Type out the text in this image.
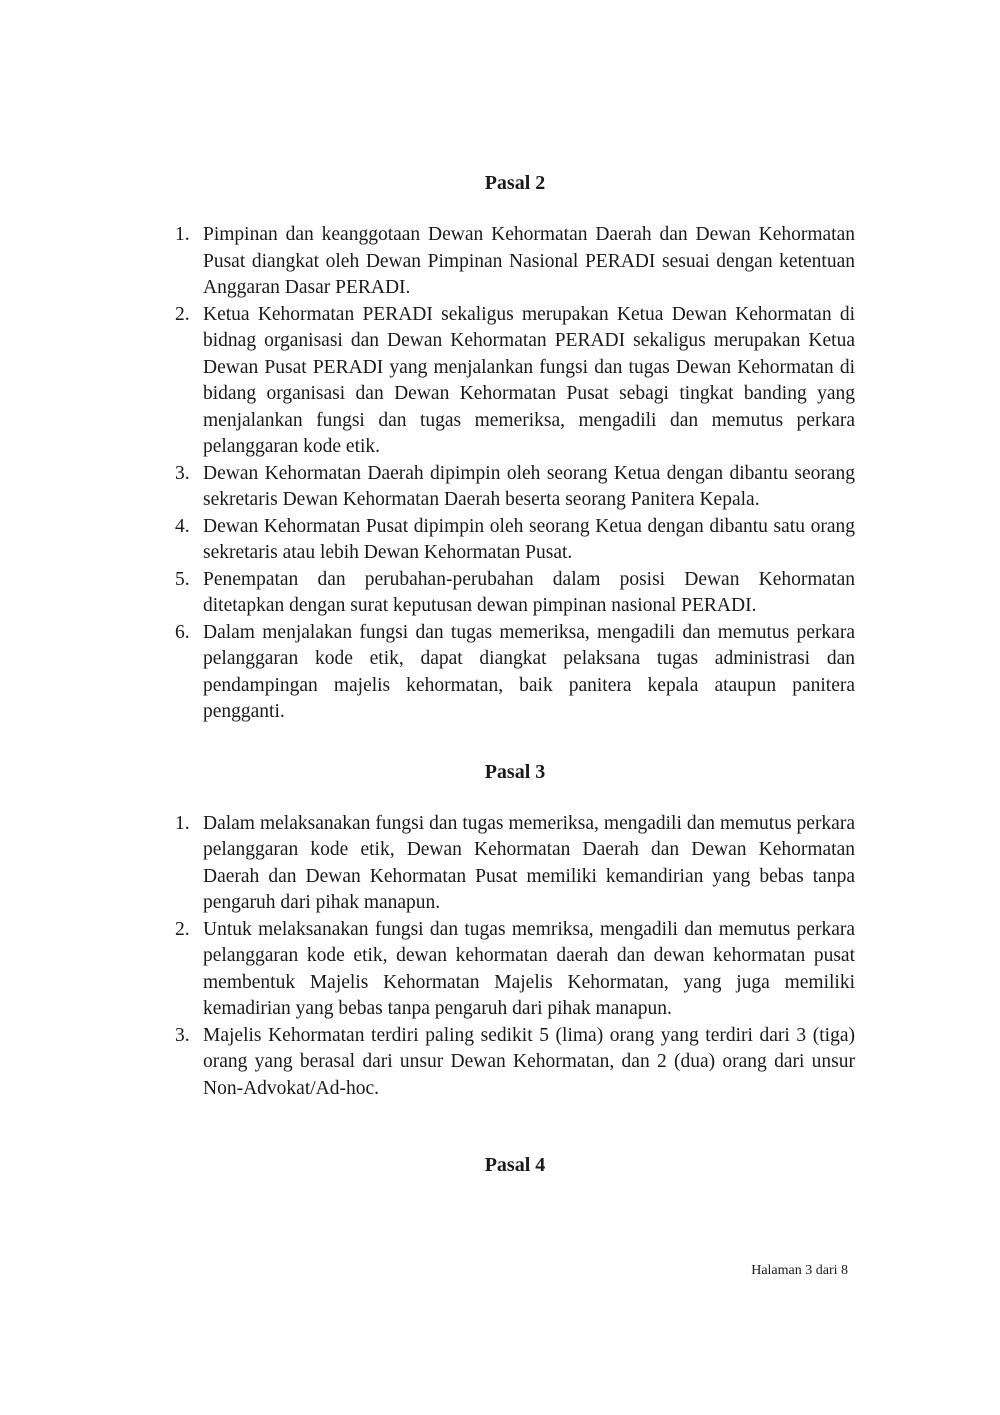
Pasal 2
Pimpinan dan keanggotaan Dewan Kehormatan Daerah dan Dewan Kehormatan Pusat diangkat oleh Dewan Pimpinan Nasional PERADI sesuai dengan ketentuan Anggaran Dasar PERADI.
Ketua Kehormatan PERADI sekaligus merupakan Ketua Dewan Kehormatan di bidnag organisasi dan Dewan Kehormatan PERADI sekaligus merupakan Ketua Dewan Pusat PERADI yang menjalankan fungsi dan tugas Dewan Kehormatan di bidang organisasi dan Dewan Kehormatan Pusat sebagi tingkat banding yang menjalankan fungsi dan tugas memeriksa, mengadili dan memutus perkara pelanggaran kode etik.
Dewan Kehormatan Daerah dipimpin oleh seorang Ketua dengan dibantu seorang sekretaris Dewan Kehormatan Daerah beserta seorang Panitera Kepala.
Dewan Kehormatan Pusat dipimpin oleh seorang Ketua dengan dibantu satu orang sekretaris atau lebih Dewan Kehormatan Pusat.
Penempatan dan perubahan-perubahan dalam posisi Dewan Kehormatan ditetapkan dengan surat keputusan dewan pimpinan nasional PERADI.
Dalam menjalakan fungsi dan tugas memeriksa, mengadili dan memutus perkara pelanggaran kode etik, dapat diangkat pelaksana tugas administrasi dan pendampingan majelis kehormatan, baik panitera kepala ataupun panitera pengganti.
Pasal 3
Dalam melaksanakan fungsi dan tugas memeriksa, mengadili dan memutus perkara pelanggaran kode etik, Dewan Kehormatan Daerah dan Dewan Kehormatan Daerah dan Dewan Kehormatan Pusat memiliki kemandirian yang bebas tanpa pengaruh dari pihak manapun.
Untuk melaksanakan fungsi dan tugas memriksa, mengadili dan memutus perkara pelanggaran kode etik, dewan kehormatan daerah dan dewan kehormatan pusat membentuk Majelis Kehormatan Majelis Kehormatan, yang juga memiliki kemadirian yang bebas tanpa pengaruh dari pihak manapun.
Majelis Kehormatan terdiri paling sedikit 5 (lima) orang yang terdiri dari 3 (tiga) orang yang berasal dari unsur Dewan Kehormatan, dan 2 (dua) orang dari unsur Non-Advokat/Ad-hoc.
Pasal 4
Halaman 3 dari 8
